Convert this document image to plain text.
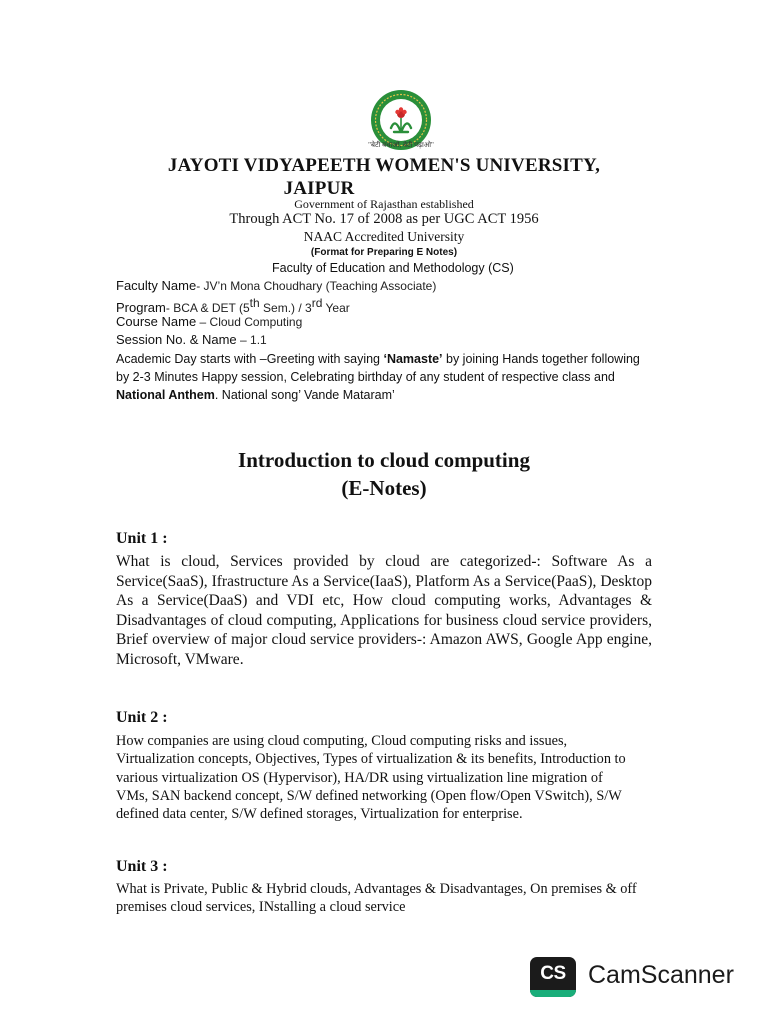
"बेटी बचाओ, बेटी पढ़ाओ"
JAYOTI VIDYAPEETH WOMEN'S UNIVERSITY,
JAIPUR
Government of Rajasthan established
Through ACT No. 17 of 2008 as per UGC ACT 1956
NAAC Accredited University
(Format for Preparing E Notes)
Faculty of Education and Methodology (CS)
Faculty Name- JV’n Mona Choudhary (Teaching Associate)
Program- BCA & DET (5th Sem.) / 3rd Year
Course Name – Cloud Computing
Session No. & Name – 1.1
Academic Day starts with –Greeting with saying ‘Namaste’ by joining Hands together following by 2-3 Minutes Happy session, Celebrating birthday of any student of respective class and National Anthem. National song’ Vande Mataram’
Introduction to cloud computing
(E-Notes)
Unit 1 :
What is cloud, Services provided by cloud are categorized-: Software As a Service(SaaS), Ifrastructure As a Service(IaaS), Platform As a Service(PaaS), Desktop As a Service(DaaS) and VDI etc, How cloud computing works, Advantages & Disadvantages of cloud computing, Applications for business cloud service providers, Brief overview of major cloud service providers-: Amazon AWS, Google App engine, Microsoft, VMware.
Unit 2 :
How companies are using cloud computing, Cloud computing risks and issues, Virtualization concepts, Objectives, Types of virtualization & its benefits, Introduction to various virtualization OS (Hypervisor), HA/DR using virtualization line migration of VMs, SAN backend concept, S/W defined networking (Open flow/Open VSwitch), S/W defined data center, S/W defined storages, Virtualization for enterprise.
Unit 3 :
What is Private, Public & Hybrid clouds, Advantages & Disadvantages, On premises & off premises cloud services, INstalling a cloud service
CS CamScanner
